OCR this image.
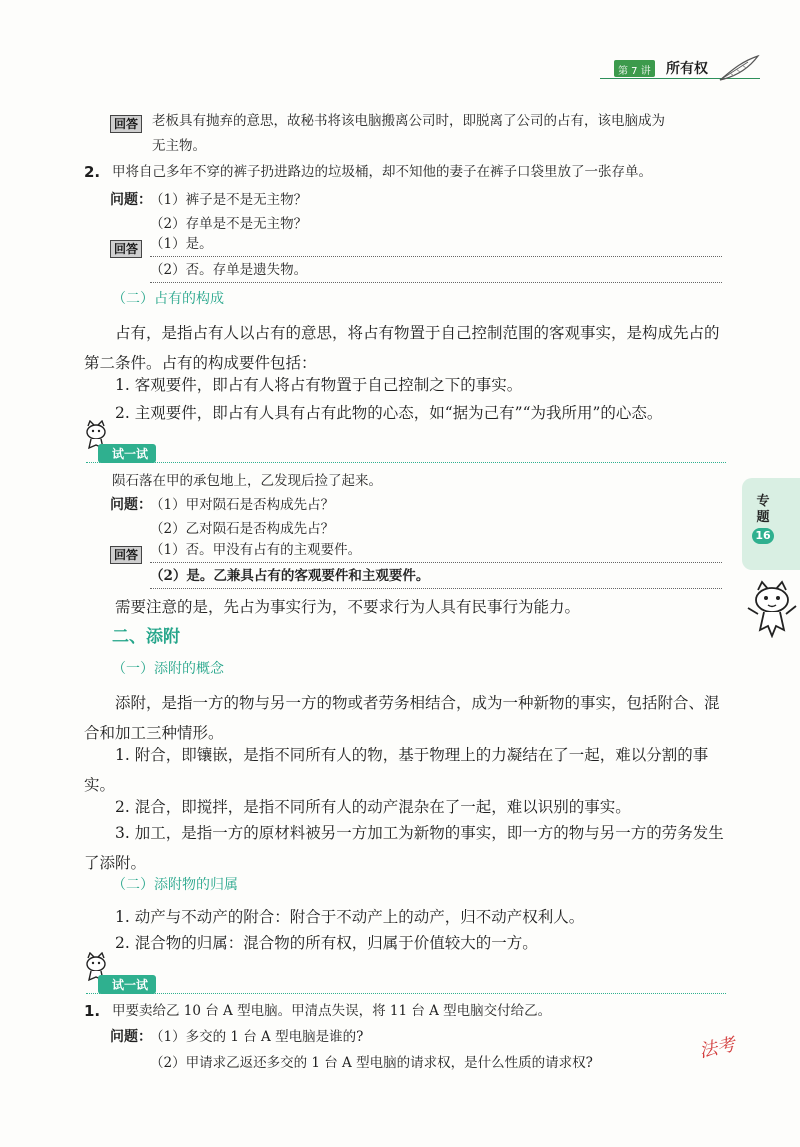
第 7 讲 所有权
专
题
16
回答 老板具有抛弃的意思，故秘书将该电脑搬离公司时，即脱离了公司的占有，该电脑成为
无主物。
2. 甲将自己多年不穿的裤子扔进路边的垃圾桶，却不知他的妻子在裤子口袋里放了一张存单。
问题：
（1）裤子是不是无主物？
（2）存单是不是无主物？
回答 （1）是。
（2）否。存单是遗失物。
（二）占有的构成
占有，是指占有人以占有的意思，将占有物置于自己控制范围的客观事实，是构成先占的第二条件。占有的构成要件包括：
1. 客观要件，即占有人将占有物置于自己控制之下的事实。
2. 主观要件，即占有人具有占有此物的心态，如“据为己有”“为我所用”的心态。
试一试
陨石落在甲的承包地上，乙发现后捡了起来。
问题：
（1）甲对陨石是否构成先占？
（2）乙对陨石是否构成先占？
回答 （1）否。甲没有占有的主观要件。
（2）是。乙兼具占有的客观要件和主观要件。
需要注意的是，先占为事实行为，不要求行为人具有民事行为能力。
二、添附
（一）添附的概念
添附，是指一方的物与另一方的物或者劳务相结合，成为一种新物的事实，包括附合、混合和加工三种情形。
1. 附合，即镶嵌，是指不同所有人的物，基于物理上的力凝结在了一起，难以分割的事实。
2. 混合，即搅拌，是指不同所有人的动产混杂在了一起，难以识别的事实。
3. 加工，是指一方的原材料被另一方加工为新物的事实，即一方的物与另一方的劳务发生了添附。
（二）添附物的归属
1. 动产与不动产的附合：附合于不动产上的动产，归不动产权利人。
2. 混合物的归属：混合物的所有权，归属于价值较大的一方。
试一试
1. 甲要卖给乙 10 台 A 型电脑。甲清点失误，将 11 台 A 型电脑交付给乙。
问题：
（1）多交的 1 台 A 型电脑是谁的?
（2）甲请求乙返还多交的 1 台 A 型电脑的请求权，是什么性质的请求权?
法考
